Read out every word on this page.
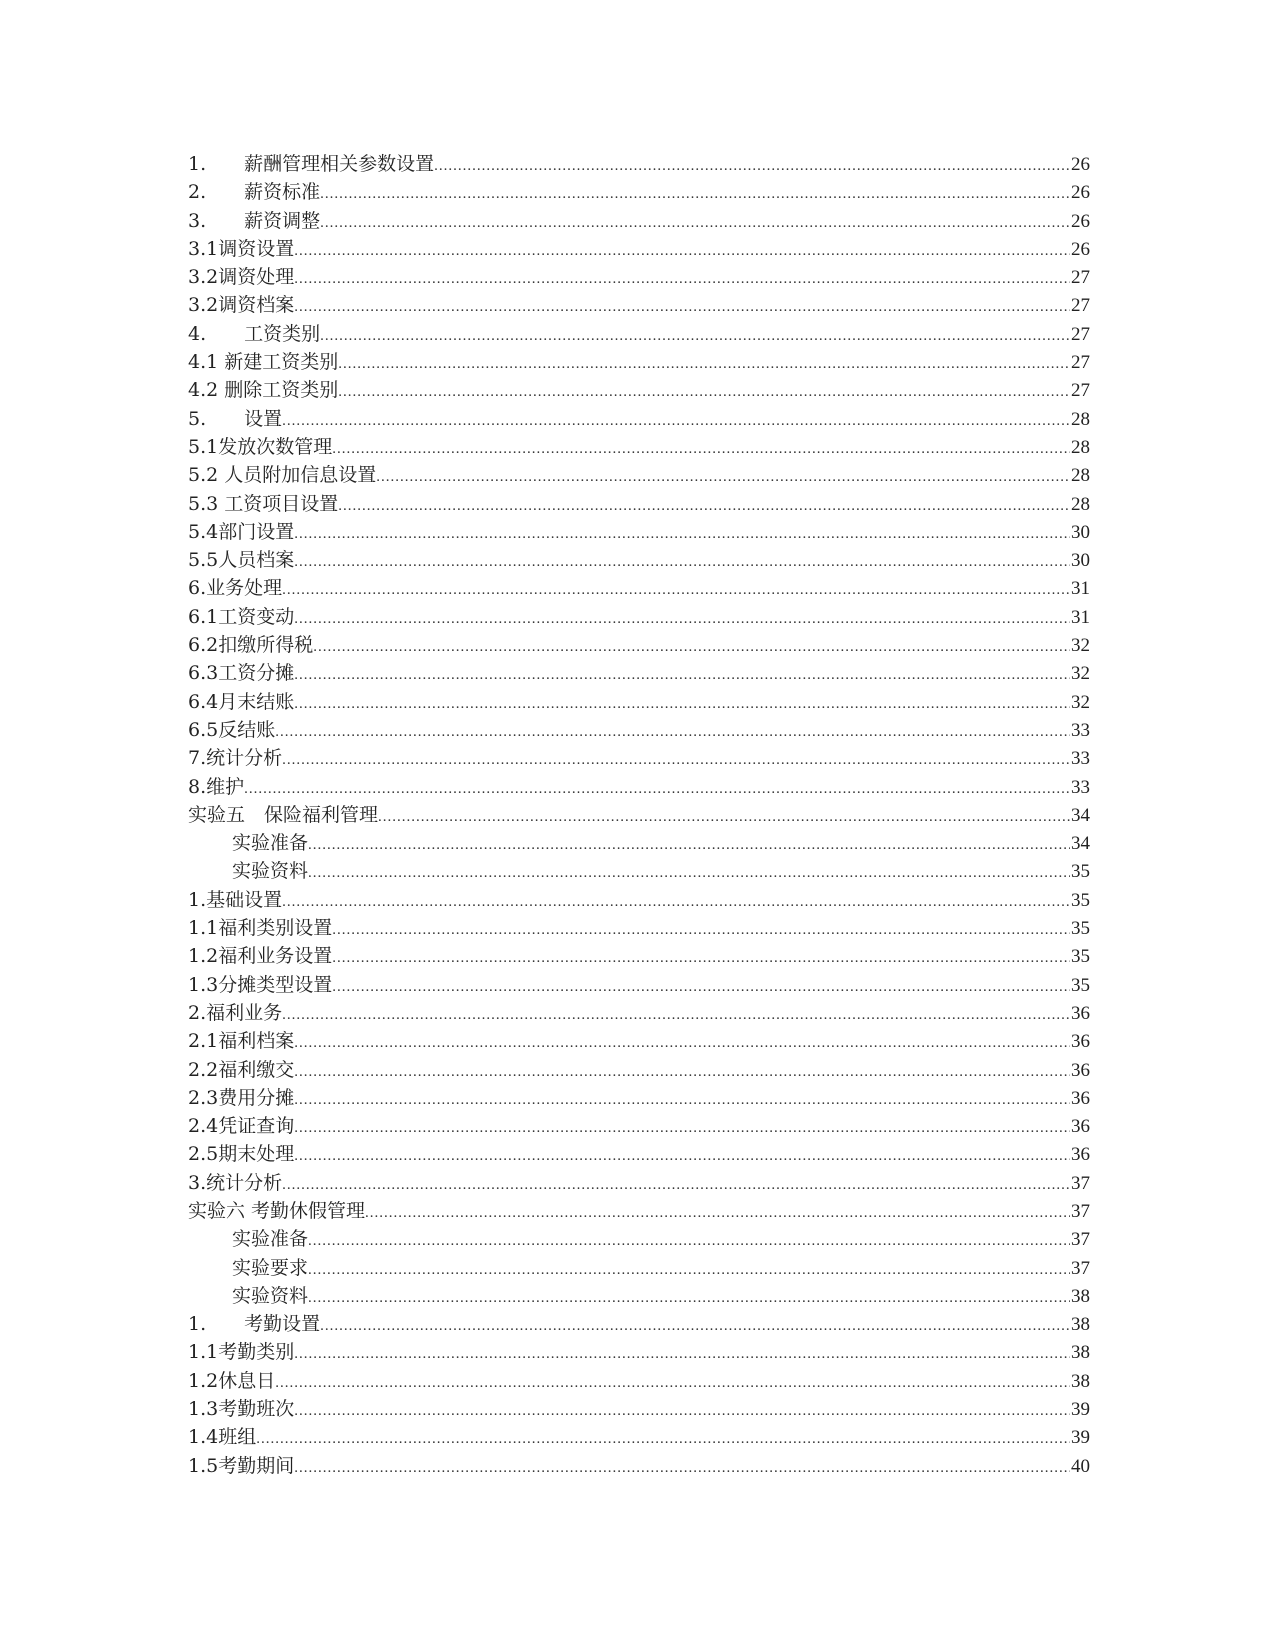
1.　　薪酬管理相关参数设置 .....	26
2.　　薪资标准 .....	26
3.　　薪资调整 .....	26
3.1调资设置 .....	26
3.2调资处理 .....	27
3.2调资档案 .....	27
4.　　工资类别 .....	27
4.1 新建工资类别 .....	27
4.2 删除工资类别 .....	27
5.　　设置 .....	28
5.1发放次数管理 .....	28
5.2 人员附加信息设置 .....	28
5.3 工资项目设置 .....	28
5.4部门设置 .....	30
5.5人员档案 .....	30
6.业务处理 .....	31
6.1工资变动 .....	31
6.2扣缴所得税 .....	32
6.3工资分摊 .....	32
6.4月末结账 .....	32
6.5反结账 .....	33
7.统计分析 .....	33
8.维护 .....	33
实验五　保险福利管理 .....	34
实验准备 .....	34
实验资料 .....	35
1.基础设置 .....	35
1.1福利类别设置 .....	35
1.2福利业务设置 .....	35
1.3分摊类型设置 .....	35
2.福利业务 .....	36
2.1福利档案 .....	36
2.2福利缴交 .....	36
2.3费用分摊 .....	36
2.4凭证查询 .....	36
2.5期末处理 .....	36
3.统计分析 .....	37
实验六 考勤休假管理 .....	37
实验准备 .....	37
实验要求 .....	37
实验资料 .....	38
1.　　考勤设置 .....	38
1.1考勤类别 .....	38
1.2休息日 .....	38
1.3考勤班次 .....	39
1.4班组 .....	39
1.5考勤期间 .....	40
